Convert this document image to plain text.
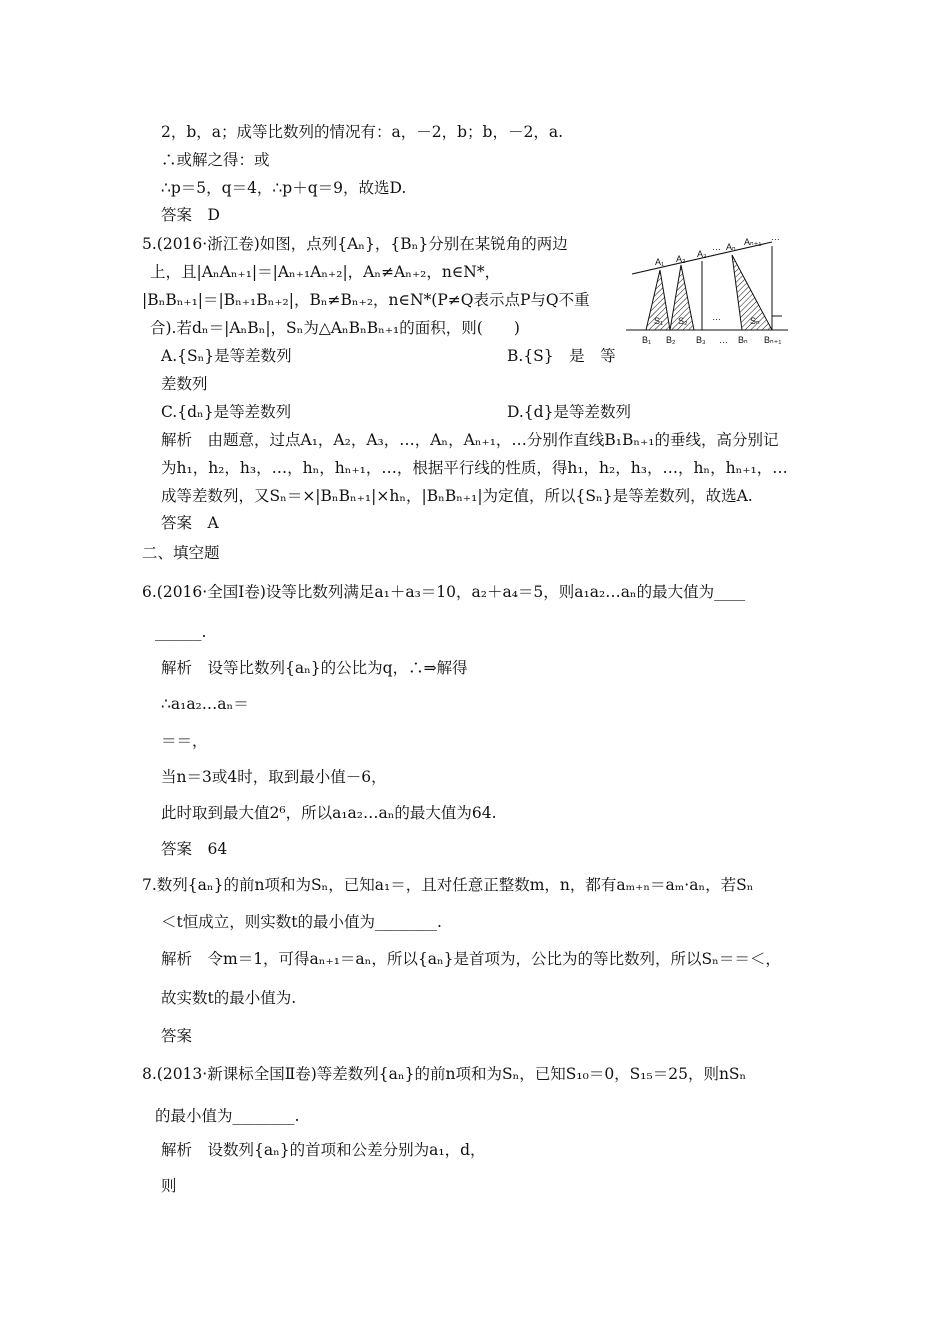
2，b，a；成等比数列的情况有：a，－2，b；b，－2，a.
∴或解之得：或
∴p＝5，q＝4，∴p＋q＝9，故选D.
答案　D
5.(2016·浙江卷)如图，点列{Aₙ}，{Bₙ}分别在某锐角的两边
上，且|AₙAₙ₊₁|＝|Aₙ₊₁Aₙ₊₂|，Aₙ≠Aₙ₊₂，n∈N*，
|BₙBₙ₊₁|＝|Bₙ₊₁Bₙ₊₂|，Bₙ≠Bₙ₊₂，n∈N*(P≠Q表示点P与Q不重
合).若dₙ＝|AₙBₙ|，Sₙ为△AₙBₙBₙ₊₁的面积，则(　　)
A.{Sₙ}是等差数列	B.{S}　是　等
差数列
C.{dₙ}是等差数列	D.{d}是等差数列
解析　由题意，过点A₁，A₂，A₃，…，Aₙ，Aₙ₊₁，…分别作直线B₁Bₙ₊₁的垂线，高分别记
为h₁，h₂，h₃，…，hₙ，hₙ₊₁，…，根据平行线的性质，得h₁，h₂，h₃，…，hₙ，hₙ₊₁，…
成等差数列，又Sₙ＝×|BₙBₙ₊₁|×hₙ，|BₙBₙ₊₁|为定值，所以{Sₙ}是等差数列，故选A.
答案　A
二、填空题
6.(2016·全国Ⅰ卷)设等比数列满足a₁＋a₃＝10，a₂＋a₄＝5，则a₁a₂…aₙ的最大值为____
______.
解析　设等比数列{aₙ}的公比为q，∴⇒解得
∴a₁a₂…aₙ＝
＝＝，
当n＝3或4时，取到最小值－6，
此时取到最大值2⁶，所以a₁a₂…aₙ的最大值为64.
答案　64
7.数列{aₙ}的前n项和为Sₙ，已知a₁＝，且对任意正整数m，n，都有aₘ₊ₙ＝aₘ·aₙ，若Sₙ
＜t恒成立，则实数t的最小值为________.
解析　令m＝1，可得aₙ₊₁＝aₙ，所以{aₙ}是首项为，公比为的等比数列，所以Sₙ＝＝＜，
故实数t的最小值为.
答案
8.(2013·新课标全国Ⅱ卷)等差数列{aₙ}的前n项和为Sₙ，已知S₁₀＝0，S₁₅＝25，则nSₙ
的最小值为________.
解析　设数列{aₙ}的首项和公差分别为a₁，d，
则
A₁ A₂ A₃
… Aₙ Aₙ₊₁ …
S₁ S₂	Sₙ
…
B₁ B₂ B₃ … Bₙ Bₙ₊₁
